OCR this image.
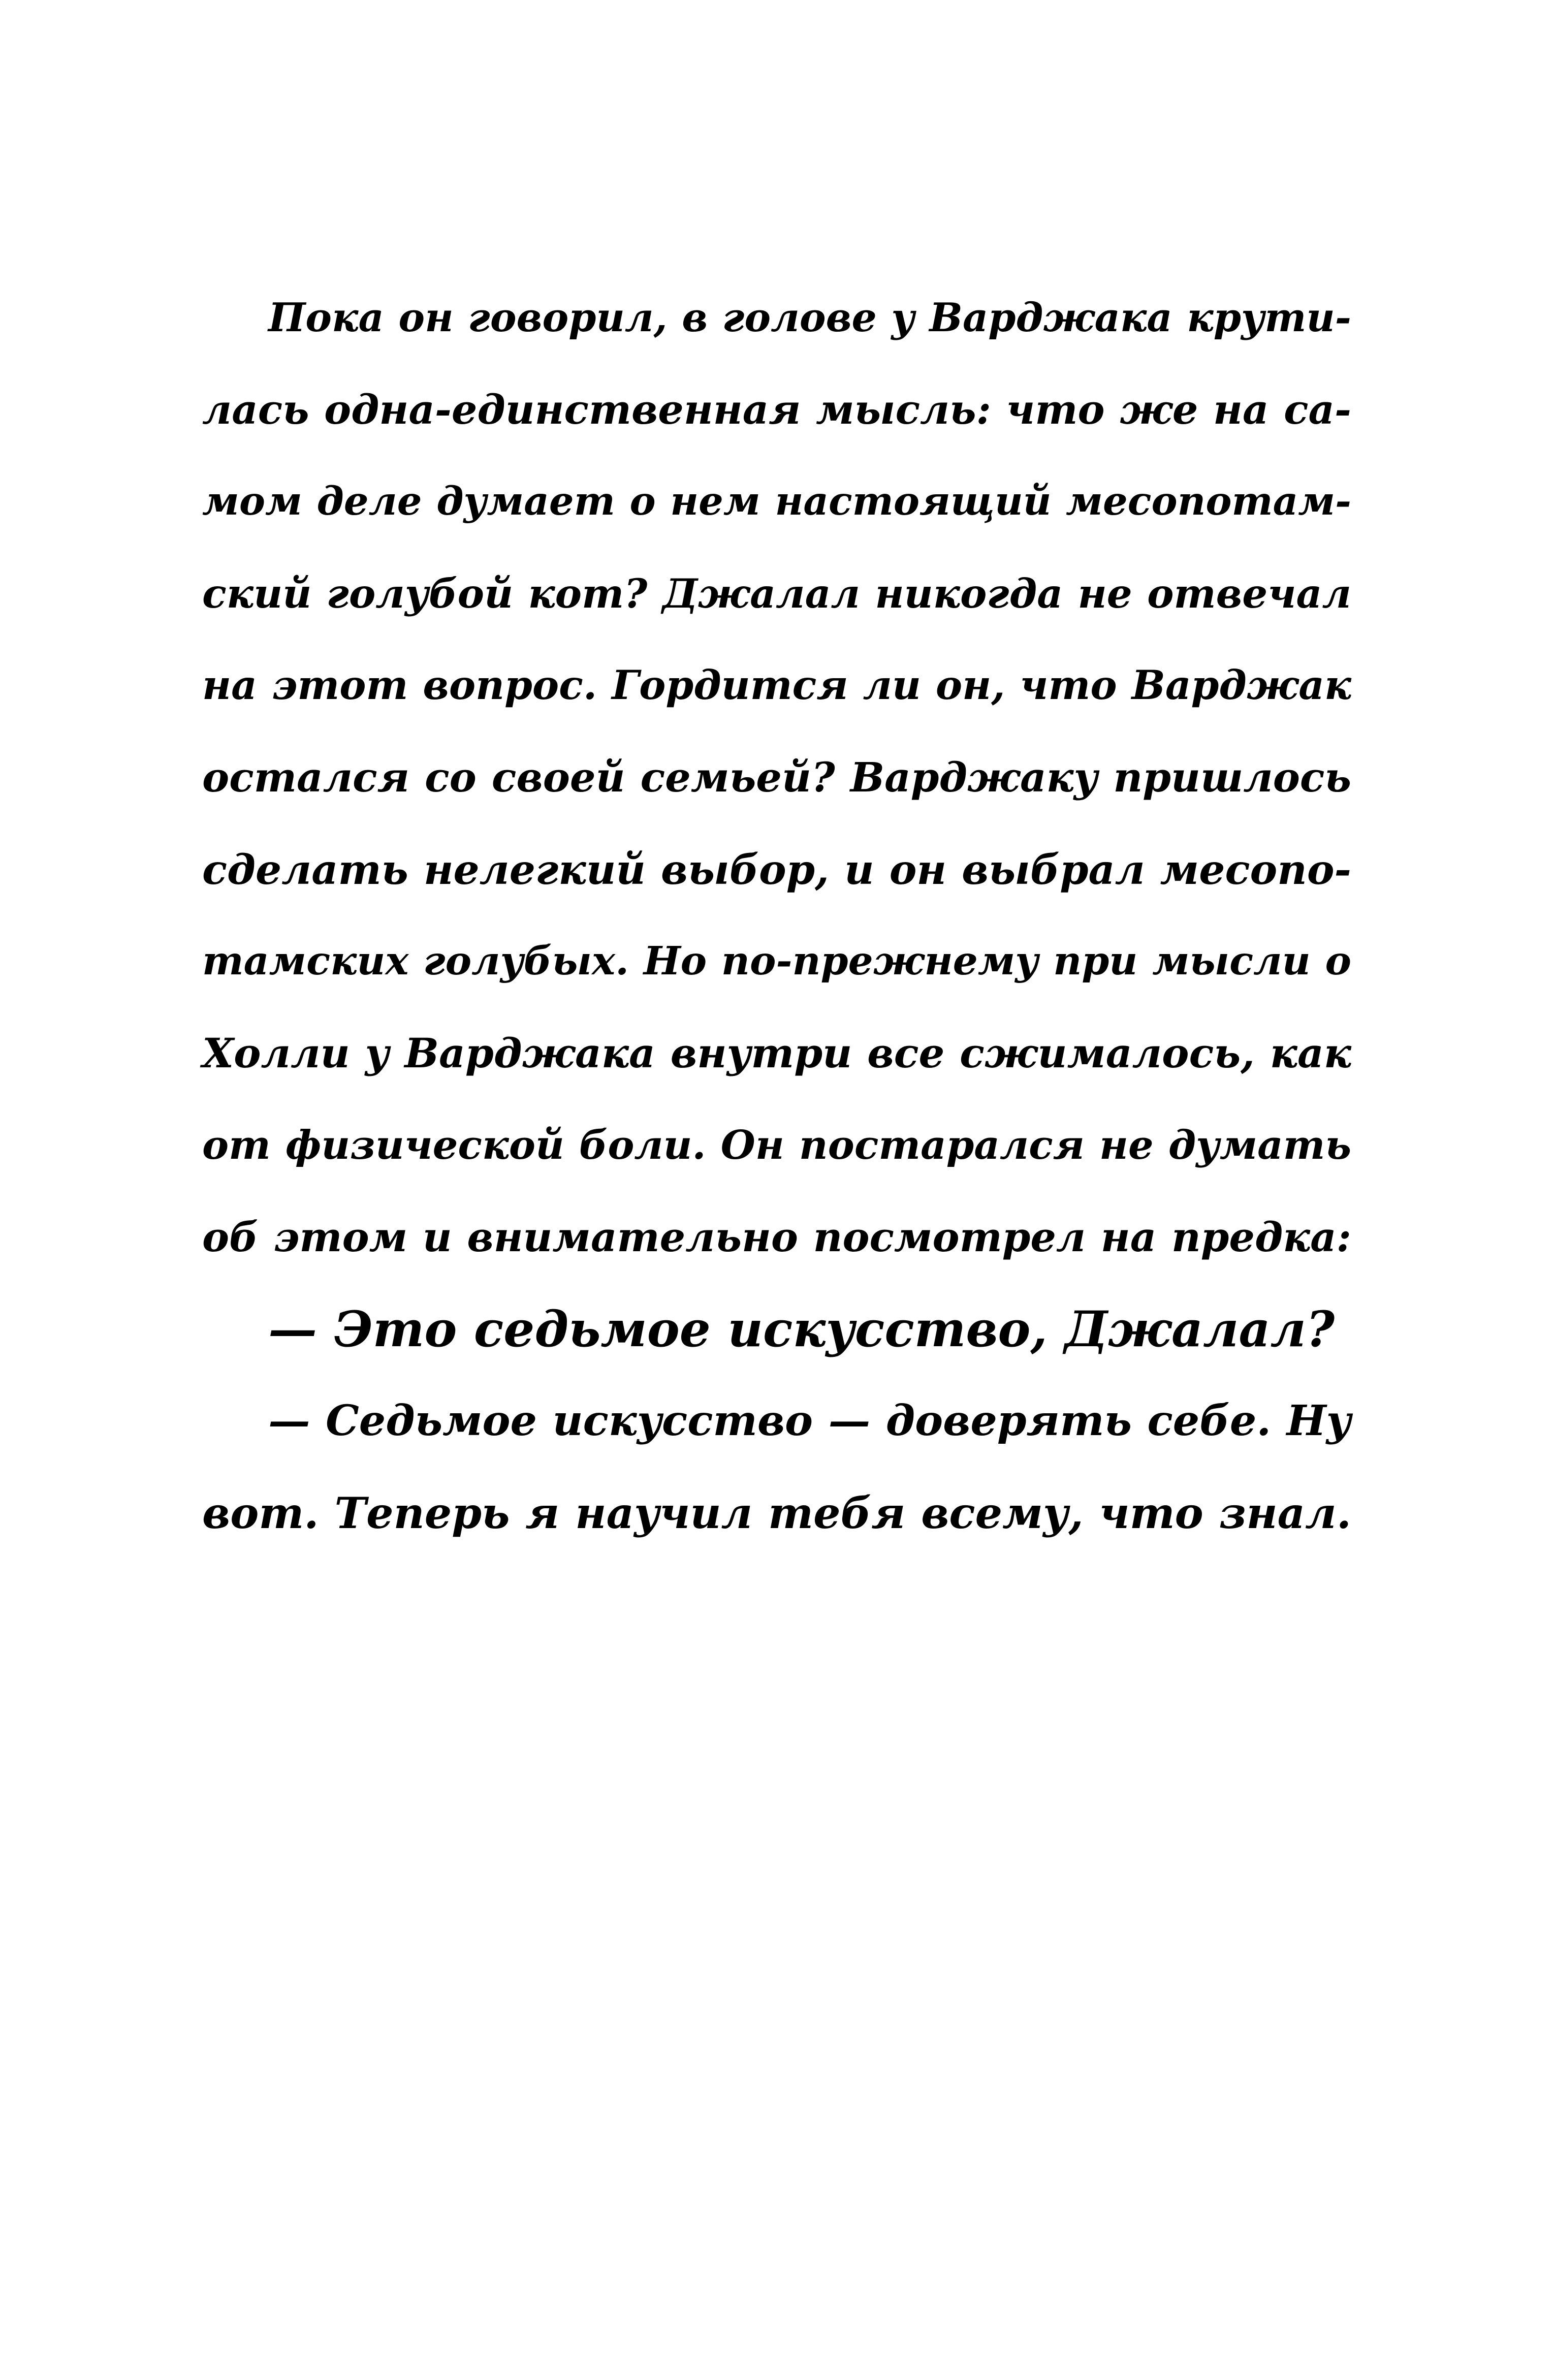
Пока он говорил, в голове у Варджака крути-
лась одна-единственная мысль: что же на са-
мом деле думает о нем настоящий месопотам-
ский голубой кот? Джалал никогда не отвечал
на этот вопрос. Гордится ли он, что Варджак
остался со своей семьей? Варджаку пришлось
сделать нелегкий выбор, и он выбрал месопо-
тамских голубых. Но по-прежнему при мысли о
Холли у Варджака внутри все сжималось, как
от физической боли. Он постарался не думать
об этом и внимательно посмотрел на предка:
— Это седьмое искусство, Джалал?
— Седьмое искусство — доверять себе. Ну
вот. Теперь я научил тебя всему, что знал.
